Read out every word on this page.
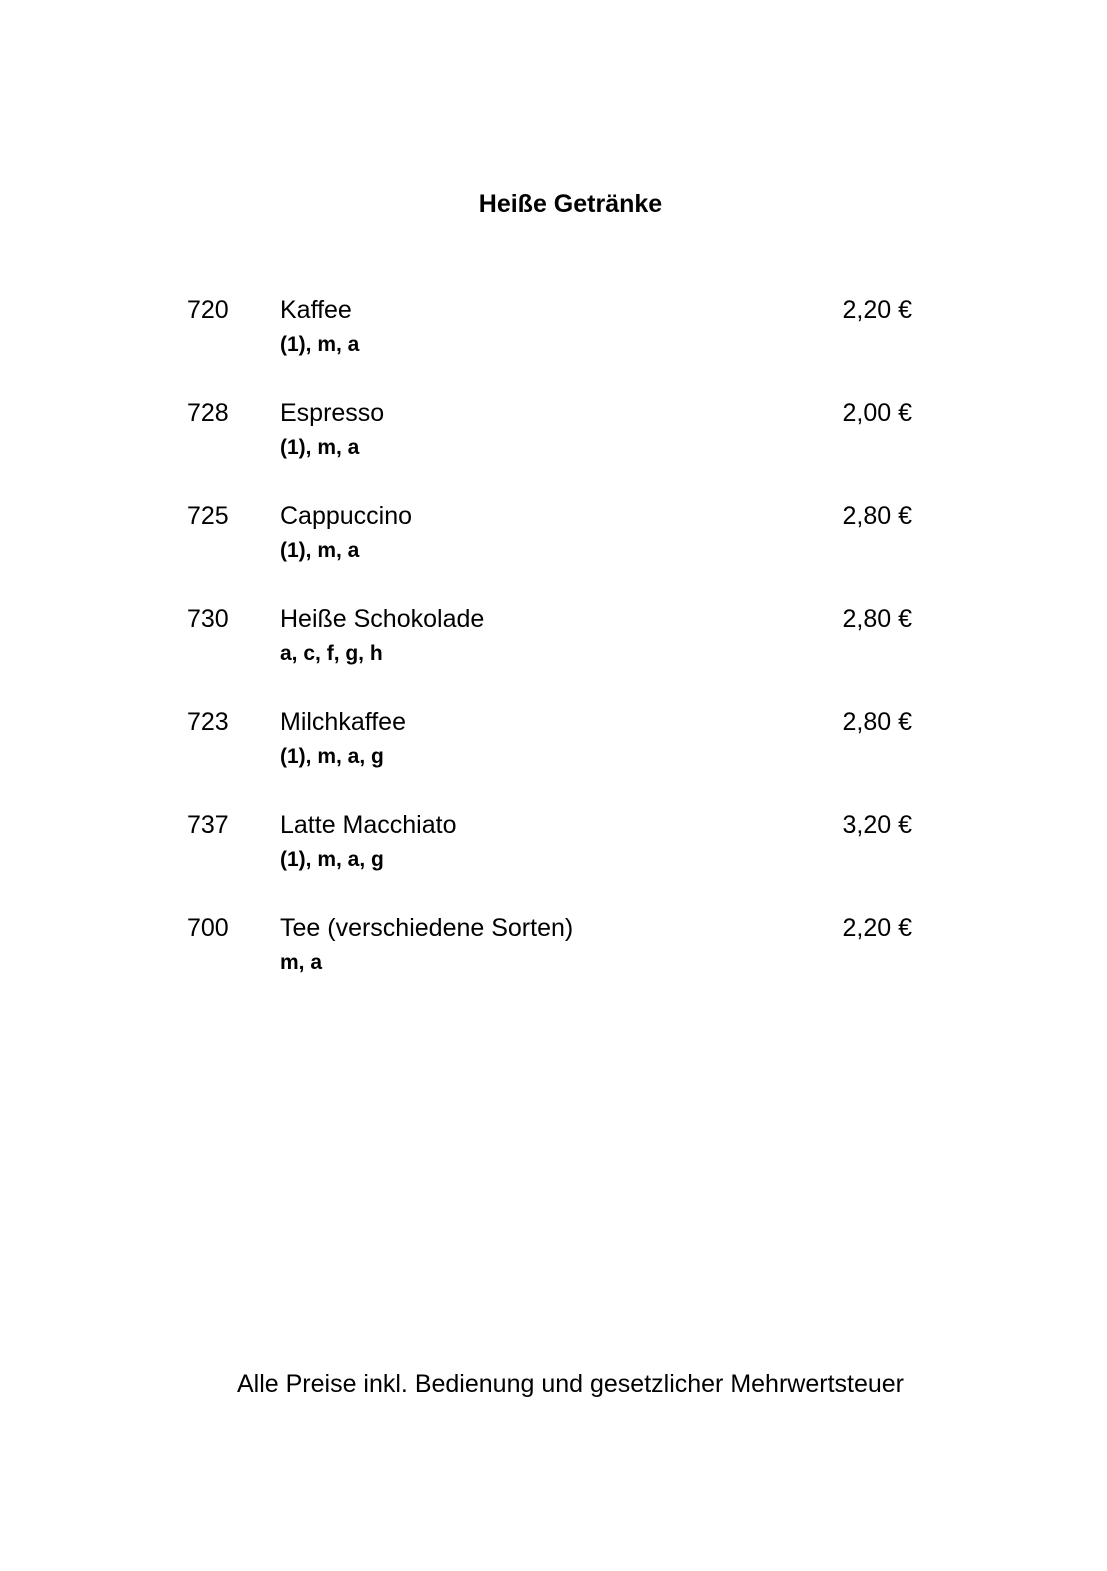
Heiße Getränke
720 Kaffee
(1), m, a
2,20 €
728 Espresso
(1), m, a
2,00 €
725 Cappuccino
(1), m, a
2,80 €
730 Heiße Schokolade
a, c, f, g, h
2,80 €
723 Milchkaffee
(1), m, a, g
2,80 €
737 Latte Macchiato
(1), m, a, g
3,20 €
700 Tee (verschiedene Sorten)
m, a
2,20 €
Alle Preise inkl. Bedienung und gesetzlicher Mehrwertsteuer
